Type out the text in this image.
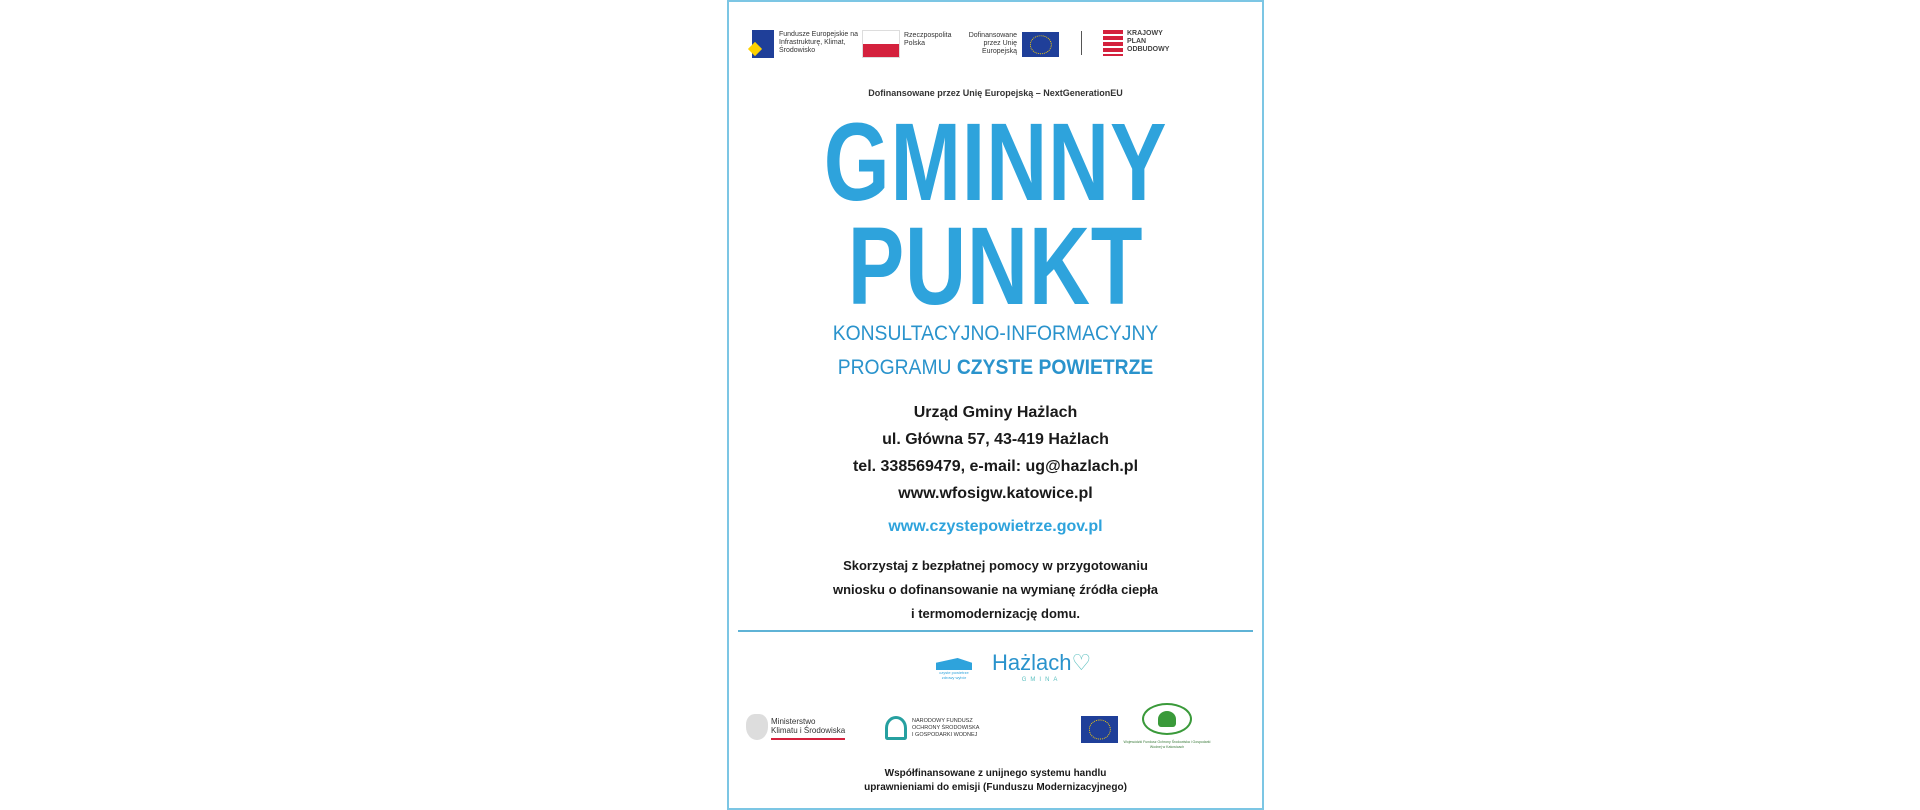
Fundusze Europejskie na Infrastrukturę, Klimat, Środowisko
Rzeczpospolita Polska
Dofinansowane przez Unię Europejską

KRAJOWY
PLAN
ODBUDOWY
Dofinansowane przez Unię Europejską – NextGenerationEU
GMINNY
PUNKT
KONSULTACYJNO-INFORMACYJNY
PROGRAMU CZYSTE POWIETRZE
Urząd Gminy Hażlach
ul. Główna 57, 43-419 Hażlach
tel. 338569479, e-mail: ug@hazlach.pl
www.wfosigw.katowice.pl
www.czystepowietrze.gov.pl
Skorzystaj z bezpłatnej pomocy w przygotowaniu
wniosku o dofinansowanie na wymianę źródła ciepła
i termomodernizację domu.
czyste powietrze zdrowy wybór
Hażlach♡
GMINA
Ministerstwo
Klimatu i Środowiska
NARODOWY FUNDUSZ
OCHRONY ŚRODOWISKA
I GOSPODARKI WODNEJ
Wojewódzki Fundusz Ochrony Środowiska i Gospodarki Wodnej w Katowicach
Współfinansowane z unijnego systemu handlu
uprawnieniami do emisji (Funduszu Modernizacyjnego)
